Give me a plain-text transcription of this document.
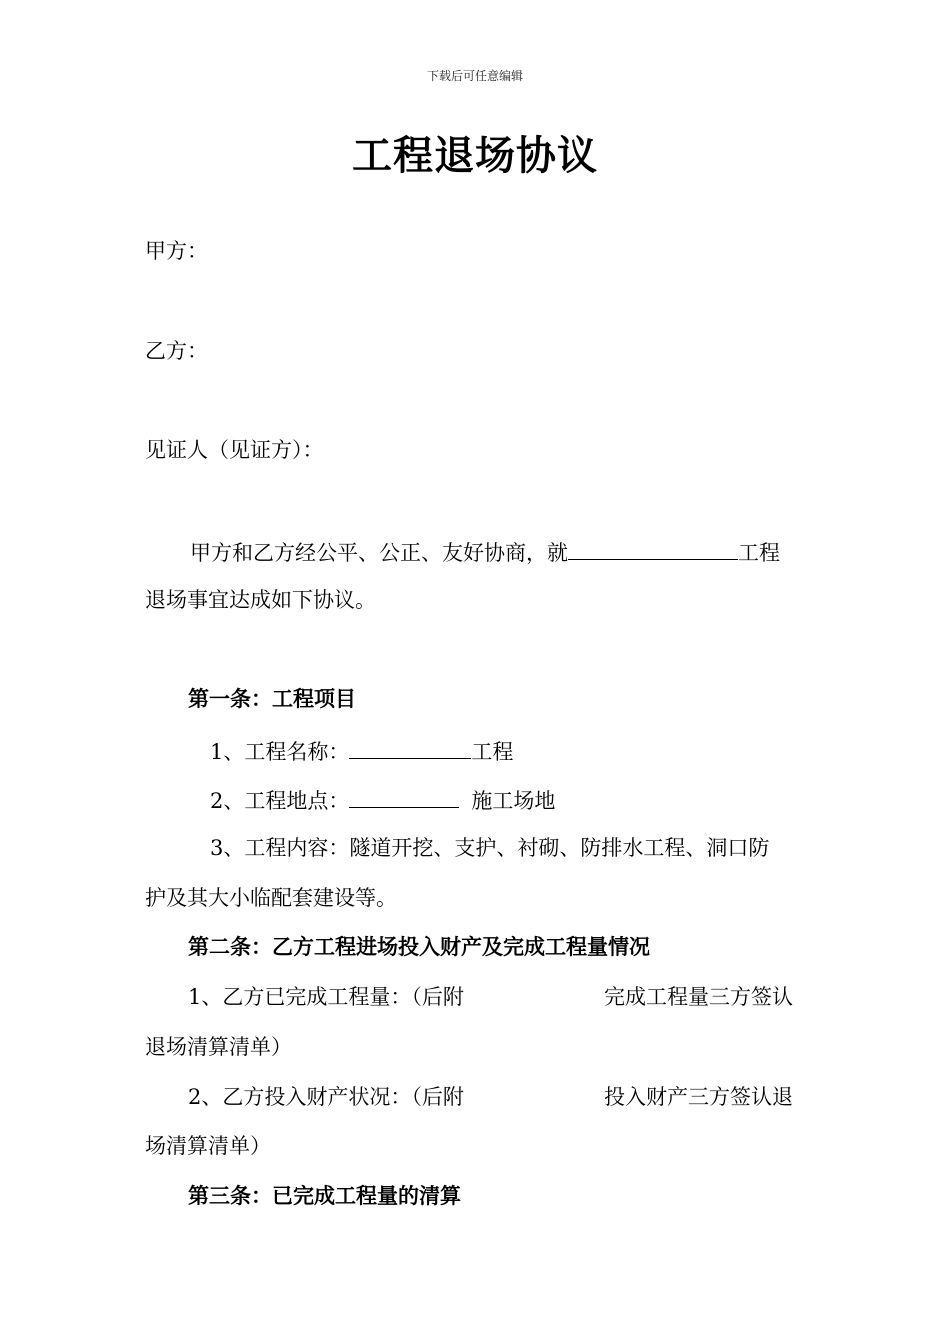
下载后可任意编辑
工程退场协议
甲方：
乙方：
见证人（见证方）：
甲方和乙方经公平、公正、友好协商，就	工程
退场事宜达成如下协议。
第一条：工程项目
1、工程名称：	工程
2、工程地点：	施工场地
3、工程内容：隧道开挖、支护、衬砌、防排水工程、洞口防
护及其大小临配套建设等。
第二条：乙方工程进场投入财产及完成工程量情况
1、乙方已完成工程量：（后附	完成工程量三方签认
退场清算清单）
2、乙方投入财产状况：（后附	投入财产三方签认退
场清算清单）
第三条：已完成工程量的清算
